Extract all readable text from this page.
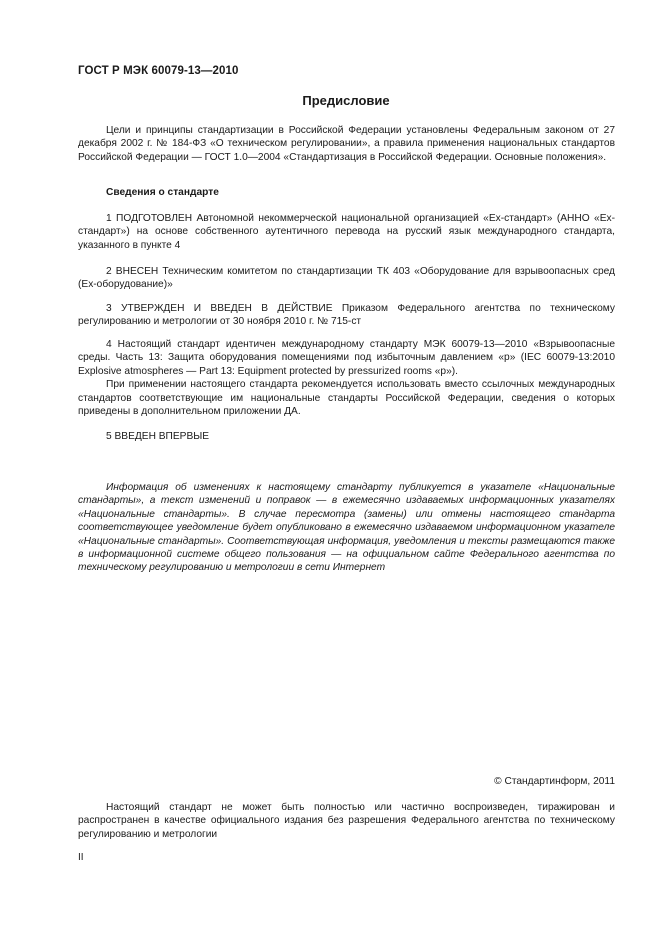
ГОСТ Р МЭК 60079-13—2010
Предисловие

Цели и принципы стандартизации в Российской Федерации установлены Федеральным законом от 27 декабря 2002 г. № 184-ФЗ «О техническом регулировании», а правила применения национальных стандартов Российской Федерации — ГОСТ 1.0—2004 «Стандартизация в Российской Федерации. Основные положения».

Сведения о стандарте

1 ПОДГОТОВЛЕН Автономной некоммерческой национальной организацией «Ех-стандарт» (АННО «Ех-стандарт») на основе собственного аутентичного перевода на русский язык международного стандарта, указанного в пункте 4

2 ВНЕСЕН Техническим комитетом по стандартизации ТК 403 «Оборудование для взрывоопасных сред (Ех-оборудование)»

3 УТВЕРЖДЕН И ВВЕДЕН В ДЕЙСТВИЕ Приказом Федерального агентства по техническому регулированию и метрологии от 30 ноября 2010 г. № 715-ст

4 Настоящий стандарт идентичен международному стандарту МЭК 60079-13—2010 «Взрывоопасные среды. Часть 13: Защита оборудования помещениями под избыточным давлением «р» (IEC 60079-13:2010 Explosive atmospheres — Part 13: Equipment protected by pressurized rooms «р»).

При применении настоящего стандарта рекомендуется использовать вместо ссылочных международных стандартов соответствующие им национальные стандарты Российской Федерации, сведения о которых приведены в дополнительном приложении ДА.

5 ВВЕДЕН ВПЕРВЫЕ

Информация об изменениях к настоящему стандарту публикуется в указателе «Национальные стандарты», а текст изменений и поправок — в ежемесячно издаваемых информационных указателях «Национальные стандарты». В случае пересмотра (замены) или отмены настоящего стандарта соответствующее уведомление будет опубликовано в ежемесячно издаваемом информационном указателе «Национальные стандарты». Соответствующая информация, уведомления и тексты размещаются также в информационной системе общего пользования — на официальном сайте Федерального агентства по техническому регулированию и метрологии в сети Интернет

© Стандартинформ, 2011

Настоящий стандарт не может быть полностью или частично воспроизведен, тиражирован и распространен в качестве официального издания без разрешения Федерального агентства по техническому регулированию и метрологии

II
